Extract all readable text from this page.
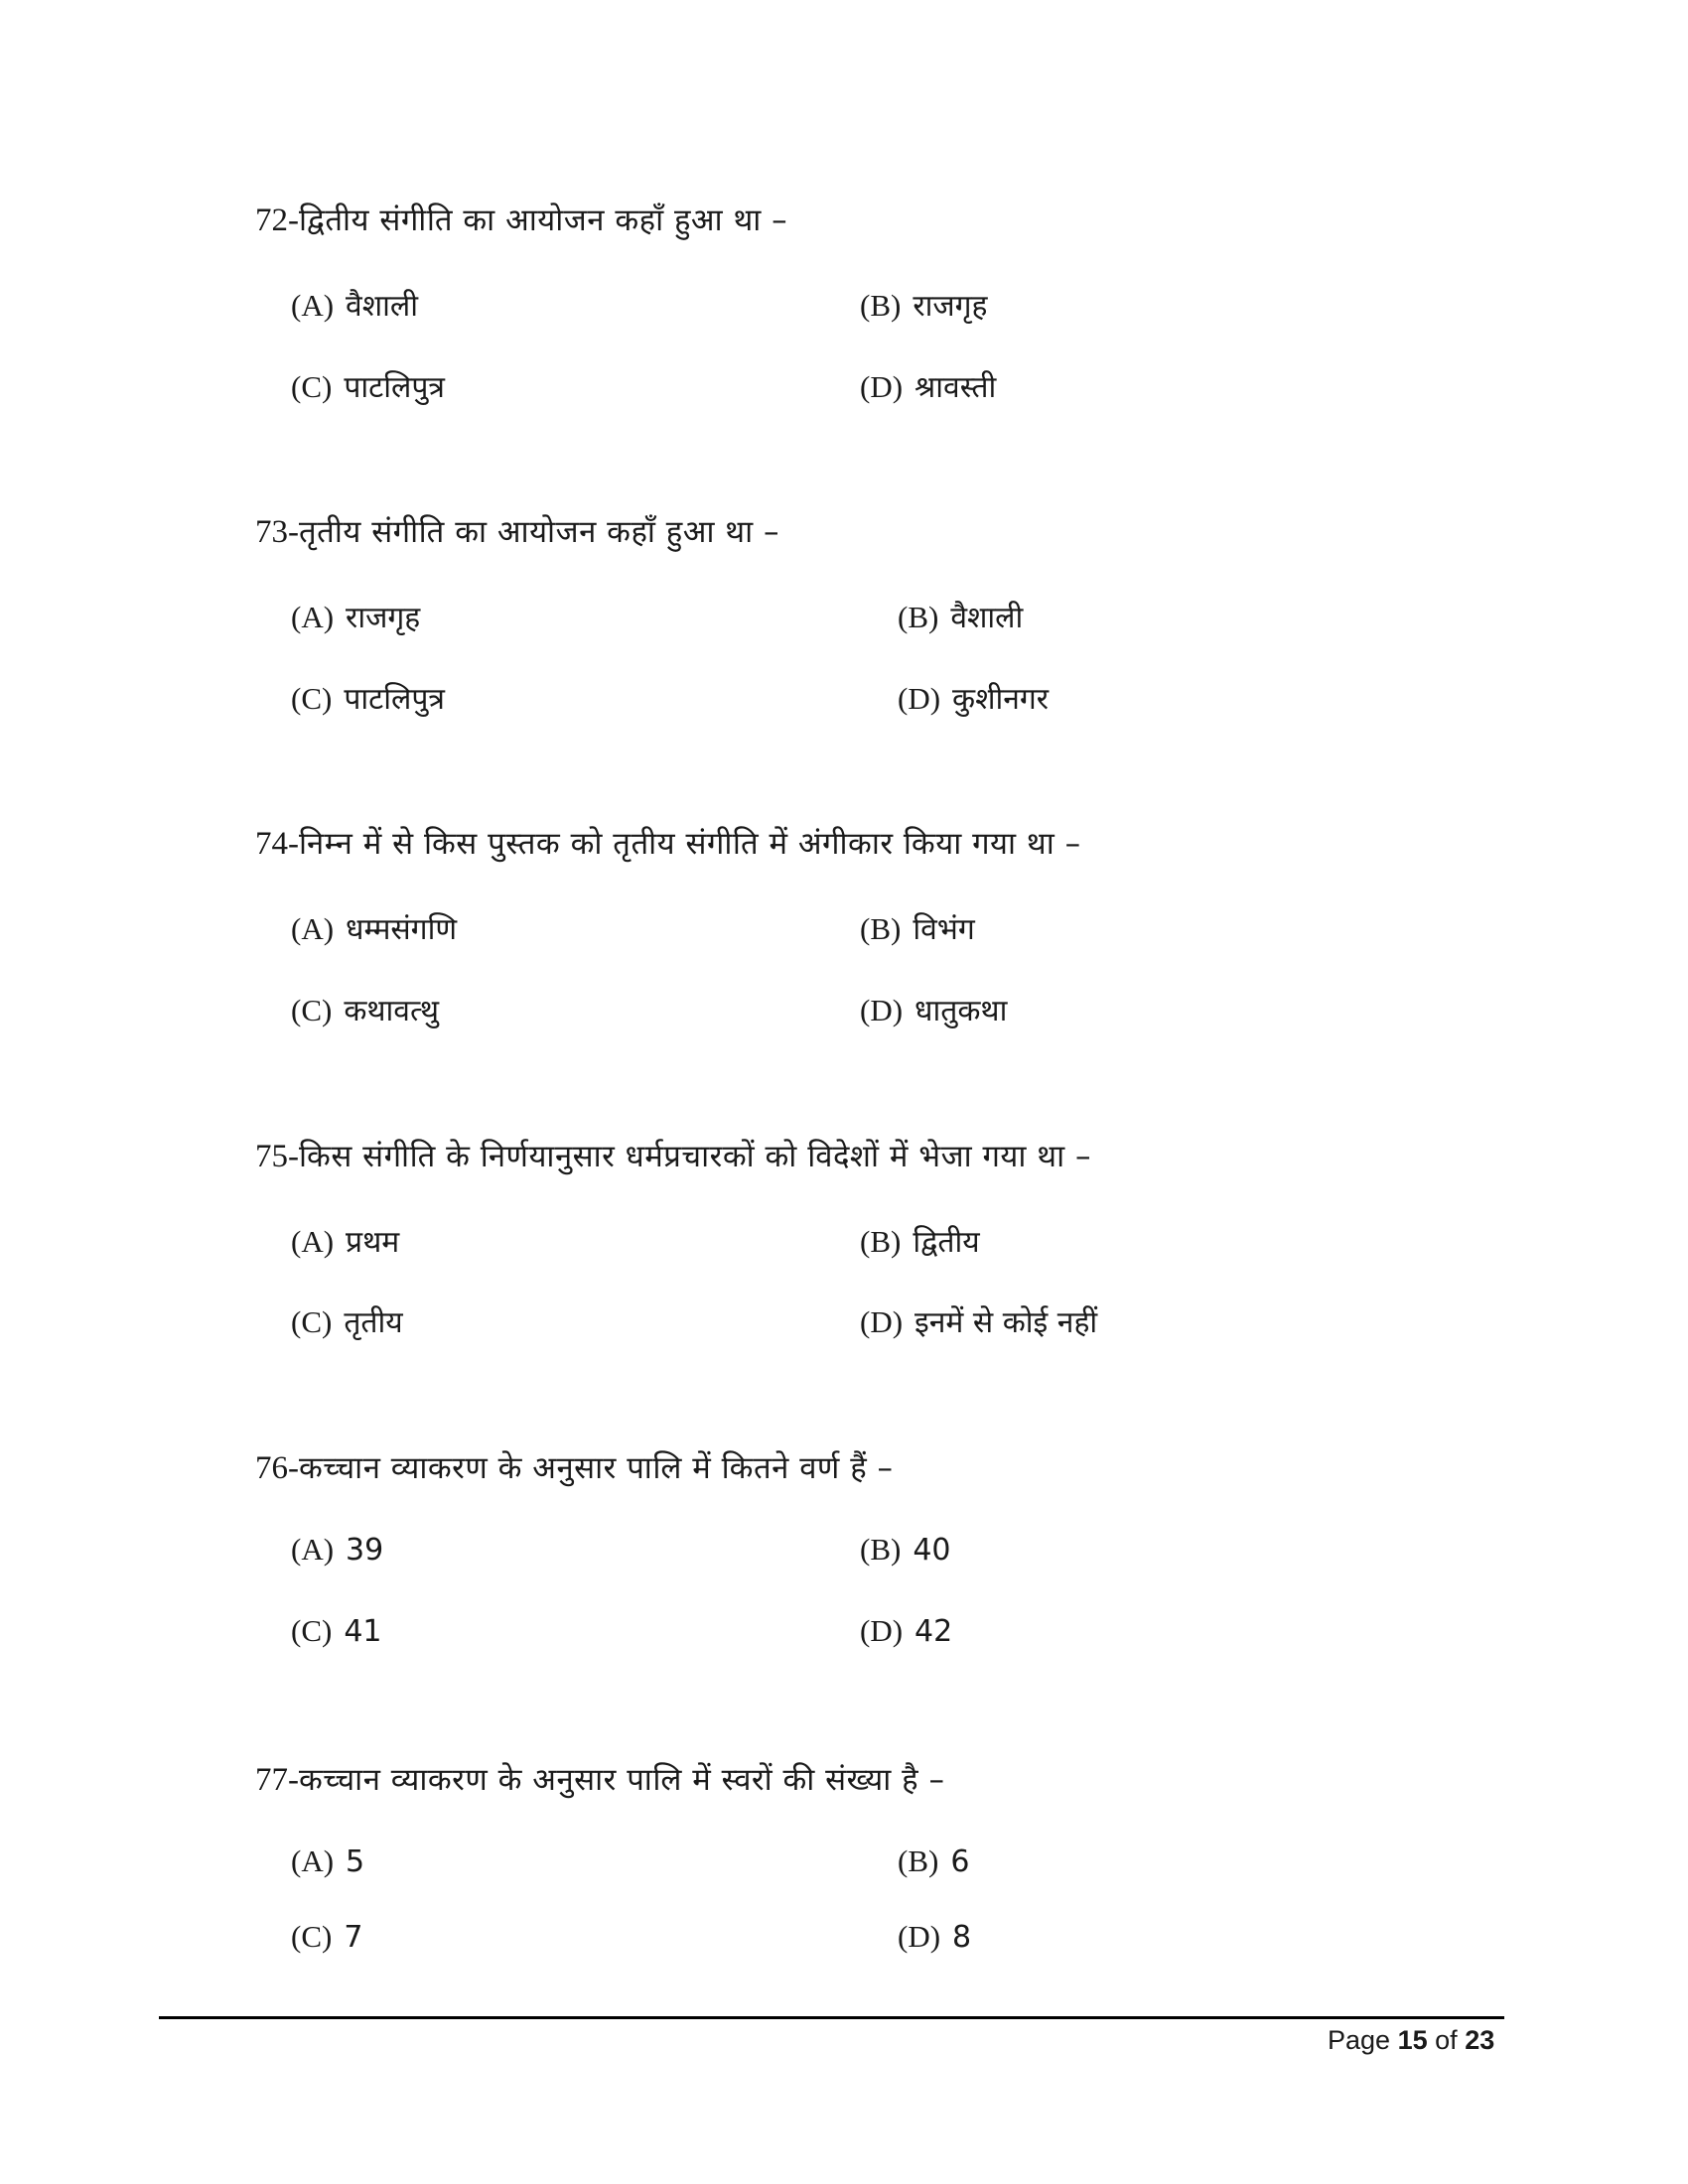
72-द्वितीय संगीति का आयोजन कहाँ हुआ था –
(A) वैशाली	(B) राजगृह
(C) पाटलिपुत्र	(D) श्रावस्ती
73-तृतीय संगीति का आयोजन कहाँ हुआ था –
(A) राजगृह	(B) वैशाली
(C) पाटलिपुत्र	(D) कुशीनगर
74-निम्न में से किस पुस्तक को तृतीय संगीति में अंगीकार किया गया था –
(A) धम्मसंगणि	(B) विभंग
(C) कथावत्थु	(D) धातुकथा
75-किस संगीति के निर्णयानुसार धर्मप्रचारकों को विदेशों में भेजा गया था –
(A) प्रथम	(B) द्वितीय
(C) तृतीय	(D) इनमें से कोई नहीं
76-कच्चान व्याकरण के अनुसार पालि में कितने वर्ण हैं –
(A) 39	(B) 40
(C) 41	(D) 42
77-कच्चान व्याकरण के अनुसार पालि में स्वरों की संख्या है –
(A) 5	(B) 6
(C) 7	(D) 8
Page 15 of 23
